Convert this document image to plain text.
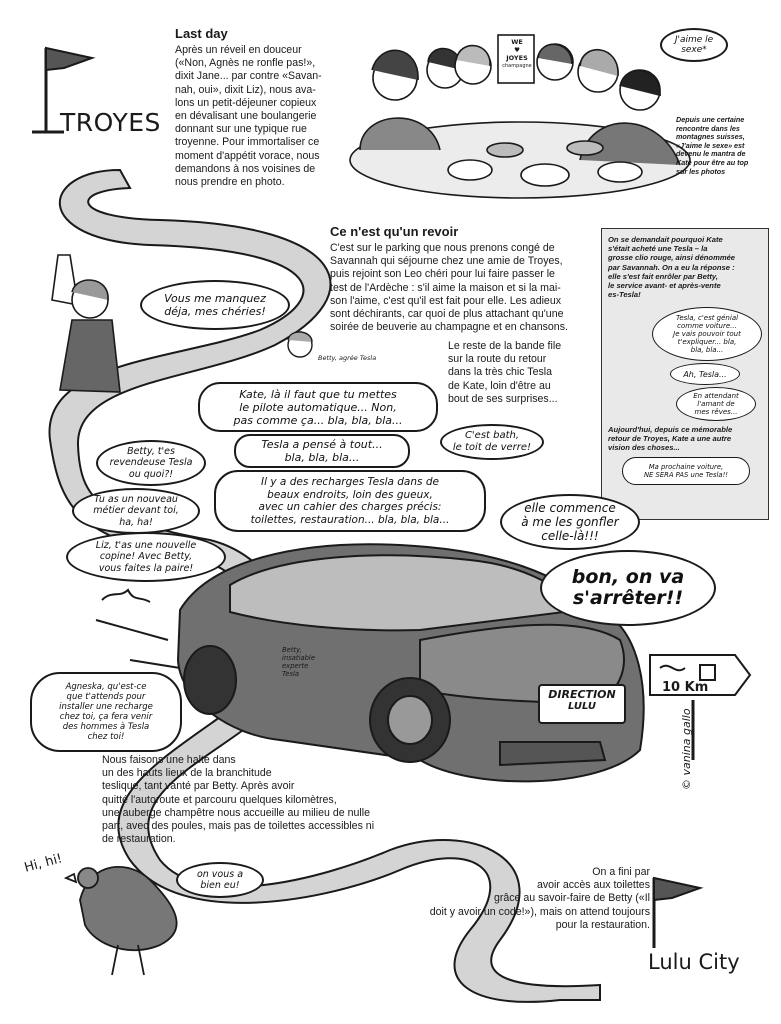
TROYES
Last day
Après un réveil en douceur
(«Non, Agnès ne ronfle pas!»,
dixit Jane... par contre «Savan-
nah, oui», dixit Liz), nous ava-
lons un petit-déjeuner copieux
en dévalisant une boulangerie
donnant sur une typique rue
troyenne. Pour immortaliser ce
moment d'appétit vorace, nous
demandons à nos voisines de
nous prendre en photo.
WE
♥
JOYES
champagne
J'aime le sexe*
Depuis une certaine
rencontre dans les
montagnes suisses,
«J'aime le sexe» est
devenu le mantra de
Kate pour être au top
sur les photos
Ce n'est qu'un revoir
C'est sur le parking que nous prenons congé de
Savannah qui séjourne chez une amie de Troyes,
puis rejoint son Leo chéri pour lui faire passer le
test de l'Ardèche : s'il aime la maison et si la mai-
son l'aime, c'est qu'il est fait pour elle. Les adieux
sont déchirants, car quoi de plus attachant qu'une
soirée de beuverie au champagne et en chansons.
Le reste de la bande file
sur la route du retour
dans la très chic Tesla
de Kate, loin d'être au
bout de ses surprises...
Vous me manquez
déja, mes chéries!
Betty, agrée Tesla
On se demandait pourquoi Kate
s'était acheté une Tesla – la
grosse clio rouge, ainsi dénommée
par Savannah. On a eu la réponse :
elle s'est fait enrôler par Betty,
le service avant- et après-vente
es-Tesla!
Tesla, c'est génial
comme voiture...
Je vais pouvoir tout
t'expliquer... bla,
bla, bla...
Ah, Tesla...
En attendant
l'amant de
mes rêves...
Aujourd'hui, depuis ce mémorable
retour de Troyes, Kate a une autre
vision des choses...
Ma prochaine voiture,
NE SERA PAS une Tesla!!
Kate, là il faut que tu mettes
le pilote automatique... Non,
pas comme ça... bla, bla, bla...
Tesla a pensé à tout...
bla, bla, bla...
C'est bath,
le toit de verre!
Il y a des recharges Tesla dans de
beaux endroits, loin des gueux,
avec un cahier des charges précis:
toilettes, restauration... bla, bla, bla...
Betty, t'es
revendeuse Tesla
ou quoi?!
Tu as un nouveau
métier devant toi,
ha, ha!
Liz, t'as une nouvelle
copine! Avec Betty,
vous faites la paire!
elle commence
à me les gonfler
celle-là!!!
bon, on va
s'arrêter!!
Agneska, qu'est-ce
que t'attends pour
installer une recharge
chez toi, ça fera venir
des hommes à Tesla
chez toi!
Betty,
insatiable
experte
Tesla
DIRECTION
LULU
10 Km
© vanina gallo
Nous faisons une halte dans
un des hauts lieux de la branchitude
teslique, tant vanté par Betty. Après avoir
quitté l'autoroute et parcouru quelques kilomètres,
une auberge champêtre nous accueille au milieu de nulle
part, avec des poules, mais pas de toilettes accessibles ni
de restauration.
Hi, hi!	on vous a
bien eu!
On a fini par
avoir accès aux toilettes
grâce au savoir-faire de Betty («Il
doit y avoir un code!»), mais on attend toujours
pour la restauration.
Lulu City
